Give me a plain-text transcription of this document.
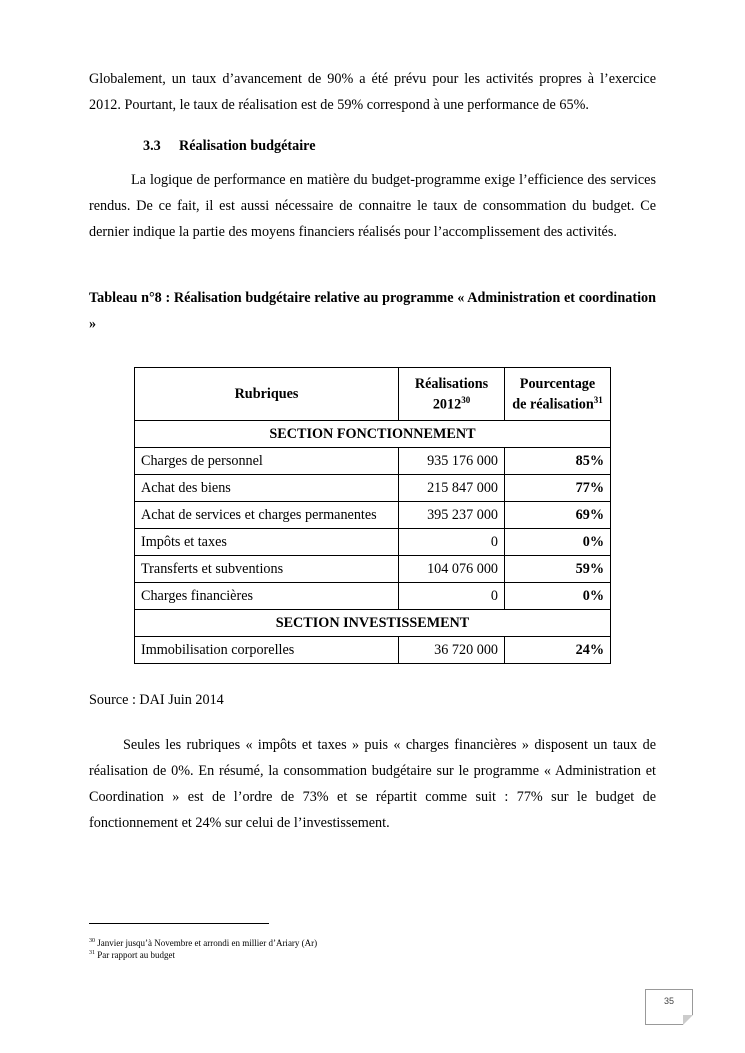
Globalement, un taux d’avancement de 90% a été prévu pour les activités propres à l’exercice 2012. Pourtant, le taux de réalisation est de 59% correspond à une performance de 65%.

3.3 Réalisation budgétaire

La logique de performance en matière du budget-programme exige l’efficience des services rendus. De ce fait, il est aussi nécessaire de connaitre le taux de consommation du budget. Ce dernier indique la partie des moyens financiers réalisés pour l’accomplissement des activités.

Tableau n°8 : Réalisation budgétaire relative au programme « Administration et coordination »

Rubriques	Réalisations 2012$^{30}$	Pourcentage de réalisation$^{31}$
SECTION FONCTIONNEMENT		
Charges de personnel	935 176 000	85%
Achat des biens	215 847 000	77%
Achat de services et charges permanentes	395 237 000	69%
Impôts et taxes	0	0%
Transferts et subventions	104 076 000	59%
Charges financières	0	0%
SECTION INVESTISSEMENT		
Immobilisation corporelles	36 720 000	24%

Source : DAI Juin 2014

Seules les rubriques « impôts et taxes » puis « charges financières » disposent un taux de réalisation de 0%. En résumé, la consommation budgétaire sur le programme « Administration et Coordination » est de l’ordre de 73% et se répartit comme suit : 77% sur le budget de fonctionnement et 24% sur celui de l’investissement.

$^{30}$ Janvier jusqu’à Novembre et arrondi en millier d’Ariary (Ar)

$^{31}$ Par rapport au budget

35
